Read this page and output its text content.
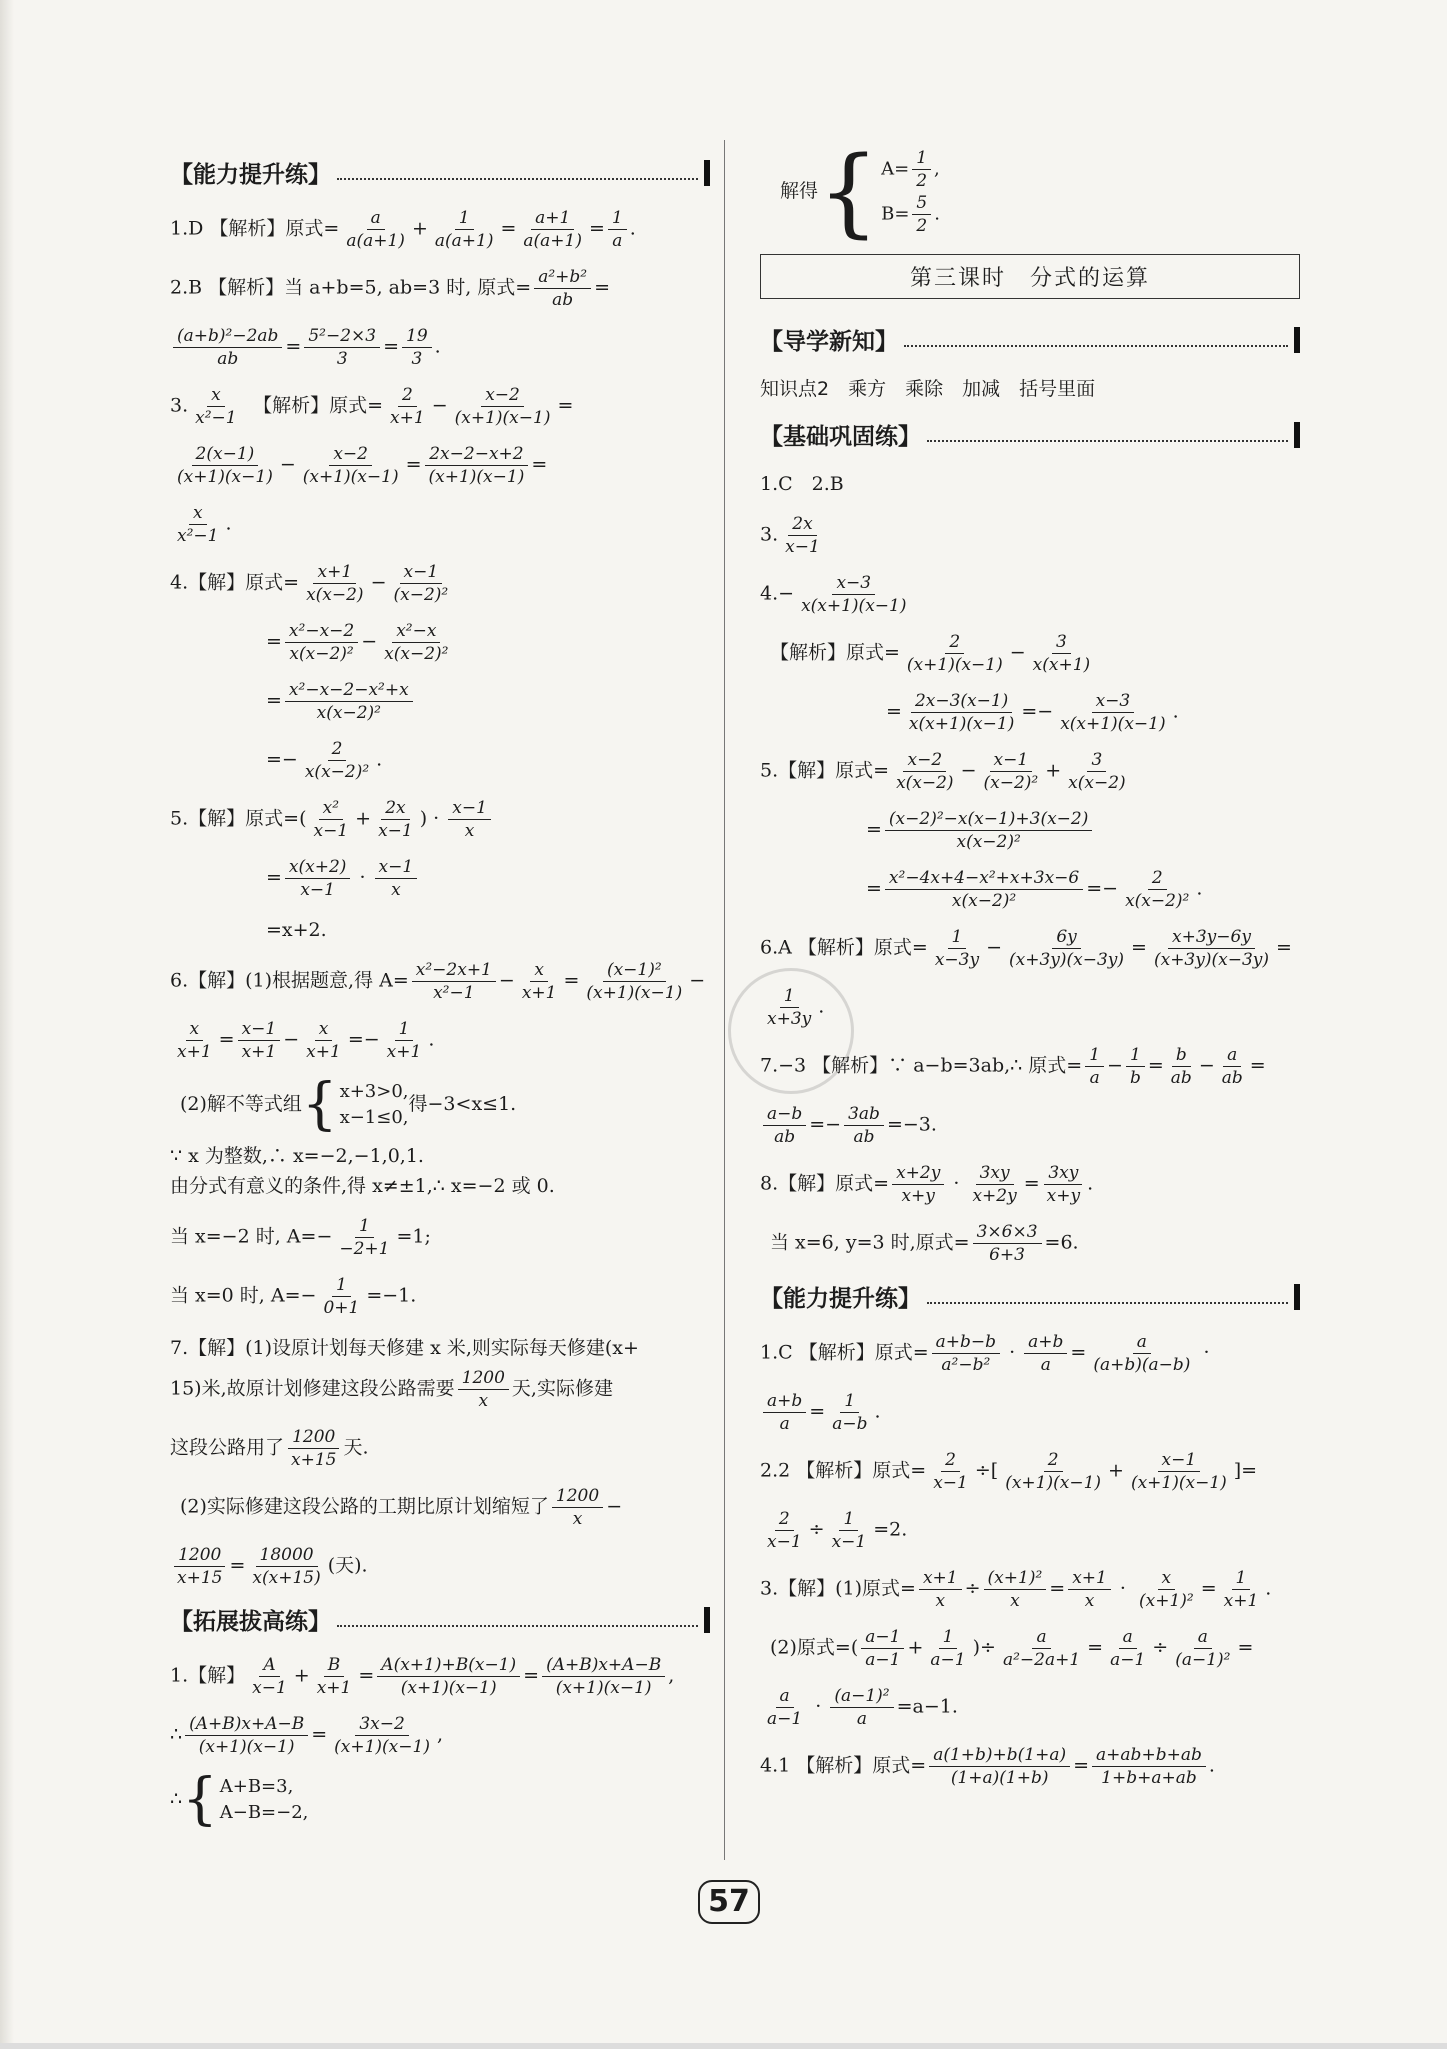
【能力提升练】
1.D 【解析】原式= $\frac{a}{a(a+1)} + \frac{1}{a(a+1)} = \frac{a+1}{a(a+1)} = \frac{1}{a}$ .
2.B 【解析】当 a+b=5, ab=3 时, 原式= $\frac{\text{a²+b²}}{ab}$ =
$\frac{\text{(a+b)²−2ab}}{ab} = \frac{\text{5²−2×3}}{3} = \frac{19}{3}$ .
3. $\frac{x}{\text{x²−1}}$
　 【解析】原式= $\frac{2}{x+1} - \frac{x-2}{(x+1)(x-1)}$ =
$\frac{2(x-1)}{(x+1)(x-1)} - \frac{x-2}{(x+1)(x-1)} = \frac{2x-2-x+2}{(x+1)(x-1)}$ =
$\frac{x}{\text{x²−1}}$ .
4.【解】原式= $\frac{x+1}{x(x-2)} - \frac{x-1}{\text{(x−2)²}}$
= $\frac{\text{x²−x−2}}{\text{x(x−2)²}} - \frac{\text{x²−x}}{\text{x(x−2)²}}$
= $\frac{\text{x²−x−2−x²+x}}{\text{x(x−2)²}}$
=− $\frac{2}{\text{x(x−2)²}}$ .
5.【解】原式=( $\frac{\text{x²}}{x-1} + \frac{2x}{x-1}$ ) · $\frac{x-1}{x}$
= $\frac{x(x+2)}{x-1} \cdot \frac{x-1}{x}$
=x+2.
6.【解】(1)根据题意,得 $A= \frac{\text{x²−2x+1}}{\text{x²−1}} - \frac{x}{x+1} = \frac{\text{(x−1)²}}{(x+1)(x-1)}$ −
$\frac{x}{x+1} = \frac{x-1}{x+1} - \frac{x}{x+1} =- \frac{1}{x+1}$ .
(2)解不等式组 { x+3>0,
x−1≤0,
得−3<x≤1.
∵ x 为整数,∴ x=−2,−1,0,1.
由分式有意义的条件,得 x≠±1,∴ x=−2 或 0.
当 x=−2 时, $A=- \frac{1}{-2+1} =1$;
当 x=0 时, $A=- \frac{1}{0+1} =-1$.
7.【解】(1)设原计划每天修建 x 米,则实际每天修建(x+
15)米,故原计划修建这段公路需要 $\frac{1200}{x}$ 天,实际修建
这段公路用了 $\frac{1200}{x+15}$ 天.
(2)实际修建这段公路的工期比原计划缩短了 $\frac{1200}{x}$ −
$\frac{1200}{x+15} = \frac{18000}{x(x+15)}$ (天).
【拓展拔高练】
1.【解】 $\frac{A}{x-1} + \frac{B}{x+1} = \frac{A(x+1)+B(x-1)}{(x+1)(x-1)} = \frac{(A+B)x+A-B}{(x+1)(x-1)}$ ,
∴ $\frac{(A+B)x+A-B}{(x+1)(x-1)} = \frac{3x-2}{(x+1)(x-1)}$ ,
∴ { A+B=3,
A−B=−2,
解得 { $A= \frac{1}{2}$ ,
$B= \frac{5}{2}$ .
第三课时　分式的运算
【导学新知】
知识点2　乘方　乘除　加减　括号里面
【基础巩固练】
1.C　2.B
3. $\frac{2x}{x-1}$
$4.- \frac{x-3}{x(x+1)(x-1)}$
【解析】原式= $\frac{2}{(x+1)(x-1)} - \frac{3}{x(x+1)}$
= $\frac{2x-3(x-1)}{x(x+1)(x-1)} =- \frac{x-3}{x(x+1)(x-1)}$ .
5.【解】原式= $\frac{x-2}{x(x-2)} - \frac{x-1}{\text{(x−2)²}} + \frac{3}{x(x-2)}$
= $\frac{\text{(x−2)²−x(x−1)+3(x−2)}}{\text{x(x−2)²}}$
= $\frac{\text{x²−4x+4−x²+x+3x−6}}{\text{x(x−2)²}} =- \frac{2}{\text{x(x−2)²}}$ .
6.A 【解析】原式= $\frac{1}{x-3y} - \frac{6y}{(x+3y)(x-3y)} = \frac{x+3y-6y}{(x+3y)(x-3y)}$ =
$\frac{1}{x+3y}$ .
7.−3 【解析】∵ a−b=3ab,∴ 原式= $\frac{1}{a} - \frac{1}{b} = \frac{b}{ab} - \frac{a}{ab}$ =
$\frac{a-b}{ab} =- \frac{3ab}{ab} =-3$.
8.【解】原式= $\frac{x+2y}{x+y} \cdot \frac{3xy}{x+2y} = \frac{3xy}{x+y}$ .
当 x=6, y=3 时,原式= $\frac{3\times 6\times 3}{6+3} =6$.
【能力提升练】
1.C 【解析】原式= $\frac{a+b-b}{\text{a²−b²}} \cdot \frac{a+b}{a} = \frac{a}{(a+b)(a-b)}$ ·
$\frac{a+b}{a} = \frac{1}{a-b}$ .
2.2 【解析】原式= $\frac{2}{x-1}$ ÷[ $\frac{2}{(x+1)(x-1)} + \frac{x-1}{(x+1)(x-1)}$ ]=
$\frac{2}{x-1} \div \frac{1}{x-1} =2$.
3.【解】(1)原式= $\frac{x+1}{x} \div \frac{\text{(x+1)²}}{x} = \frac{x+1}{x} \cdot \frac{x}{\text{(x+1)²}} = \frac{1}{x+1}$ .
(2)原式=( $\frac{a-1}{a-1} + \frac{1}{a-1}$ )÷ $\frac{a}{\text{a²−2a+1}} = \frac{a}{a-1} \div \frac{a}{\text{(a−1)²}}$ =
$\frac{a}{a-1} \cdot \frac{\text{(a−1)²}}{a} =a-1$.
4.1 【解析】原式= $\frac{a(1+b)+b(1+a)}{(1+a)(1+b)} = \frac{a+ab+b+ab}{1+b+a+ab}$ .
57
